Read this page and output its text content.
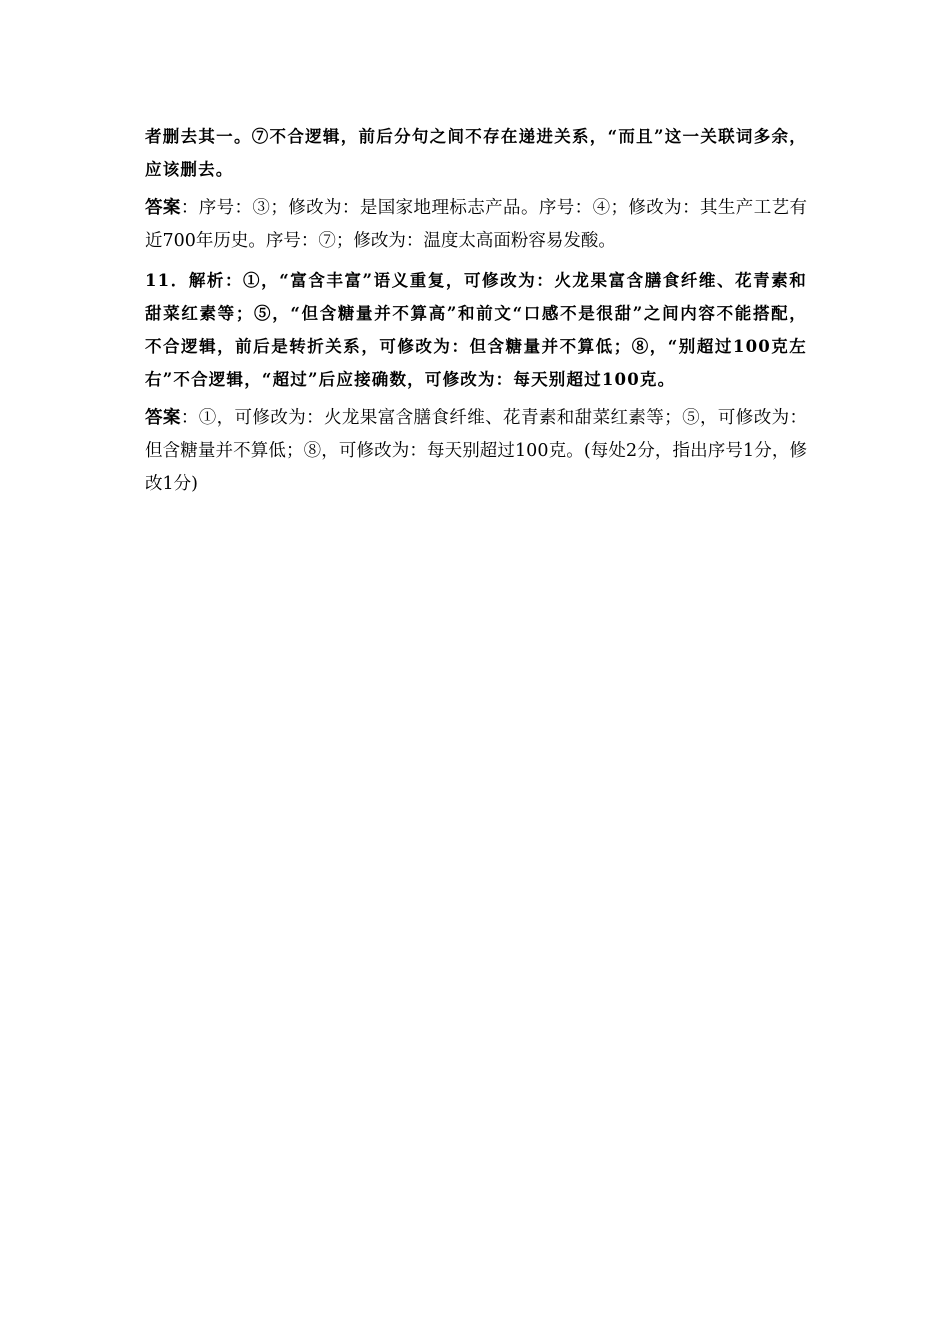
者删去其一。⑦不合逻辑，前后分句之间不存在递进关系，“而且”这一关联词多余，应该删去。

答案：序号：③；修改为：是国家地理标志产品。序号：④；修改为：其生产工艺有近700年历史。序号：⑦；修改为：温度太高面粉容易发酸。

11．解析：①，“富含丰富”语义重复，可修改为：火龙果富含膳食纤维、花青素和甜菜红素等；⑤，“但含糖量并不算高”和前文“口感不是很甜”之间内容不能搭配，不合逻辑，前后是转折关系，可修改为：但含糖量并不算低；⑧，“别超过100克左右”不合逻辑，“超过”后应接确数，可修改为：每天别超过100克。

答案：①，可修改为：火龙果富含膳食纤维、花青素和甜菜红素等；⑤，可修改为：但含糖量并不算低；⑧，可修改为：每天别超过100克。(每处2分，指出序号1分，修改1分)
